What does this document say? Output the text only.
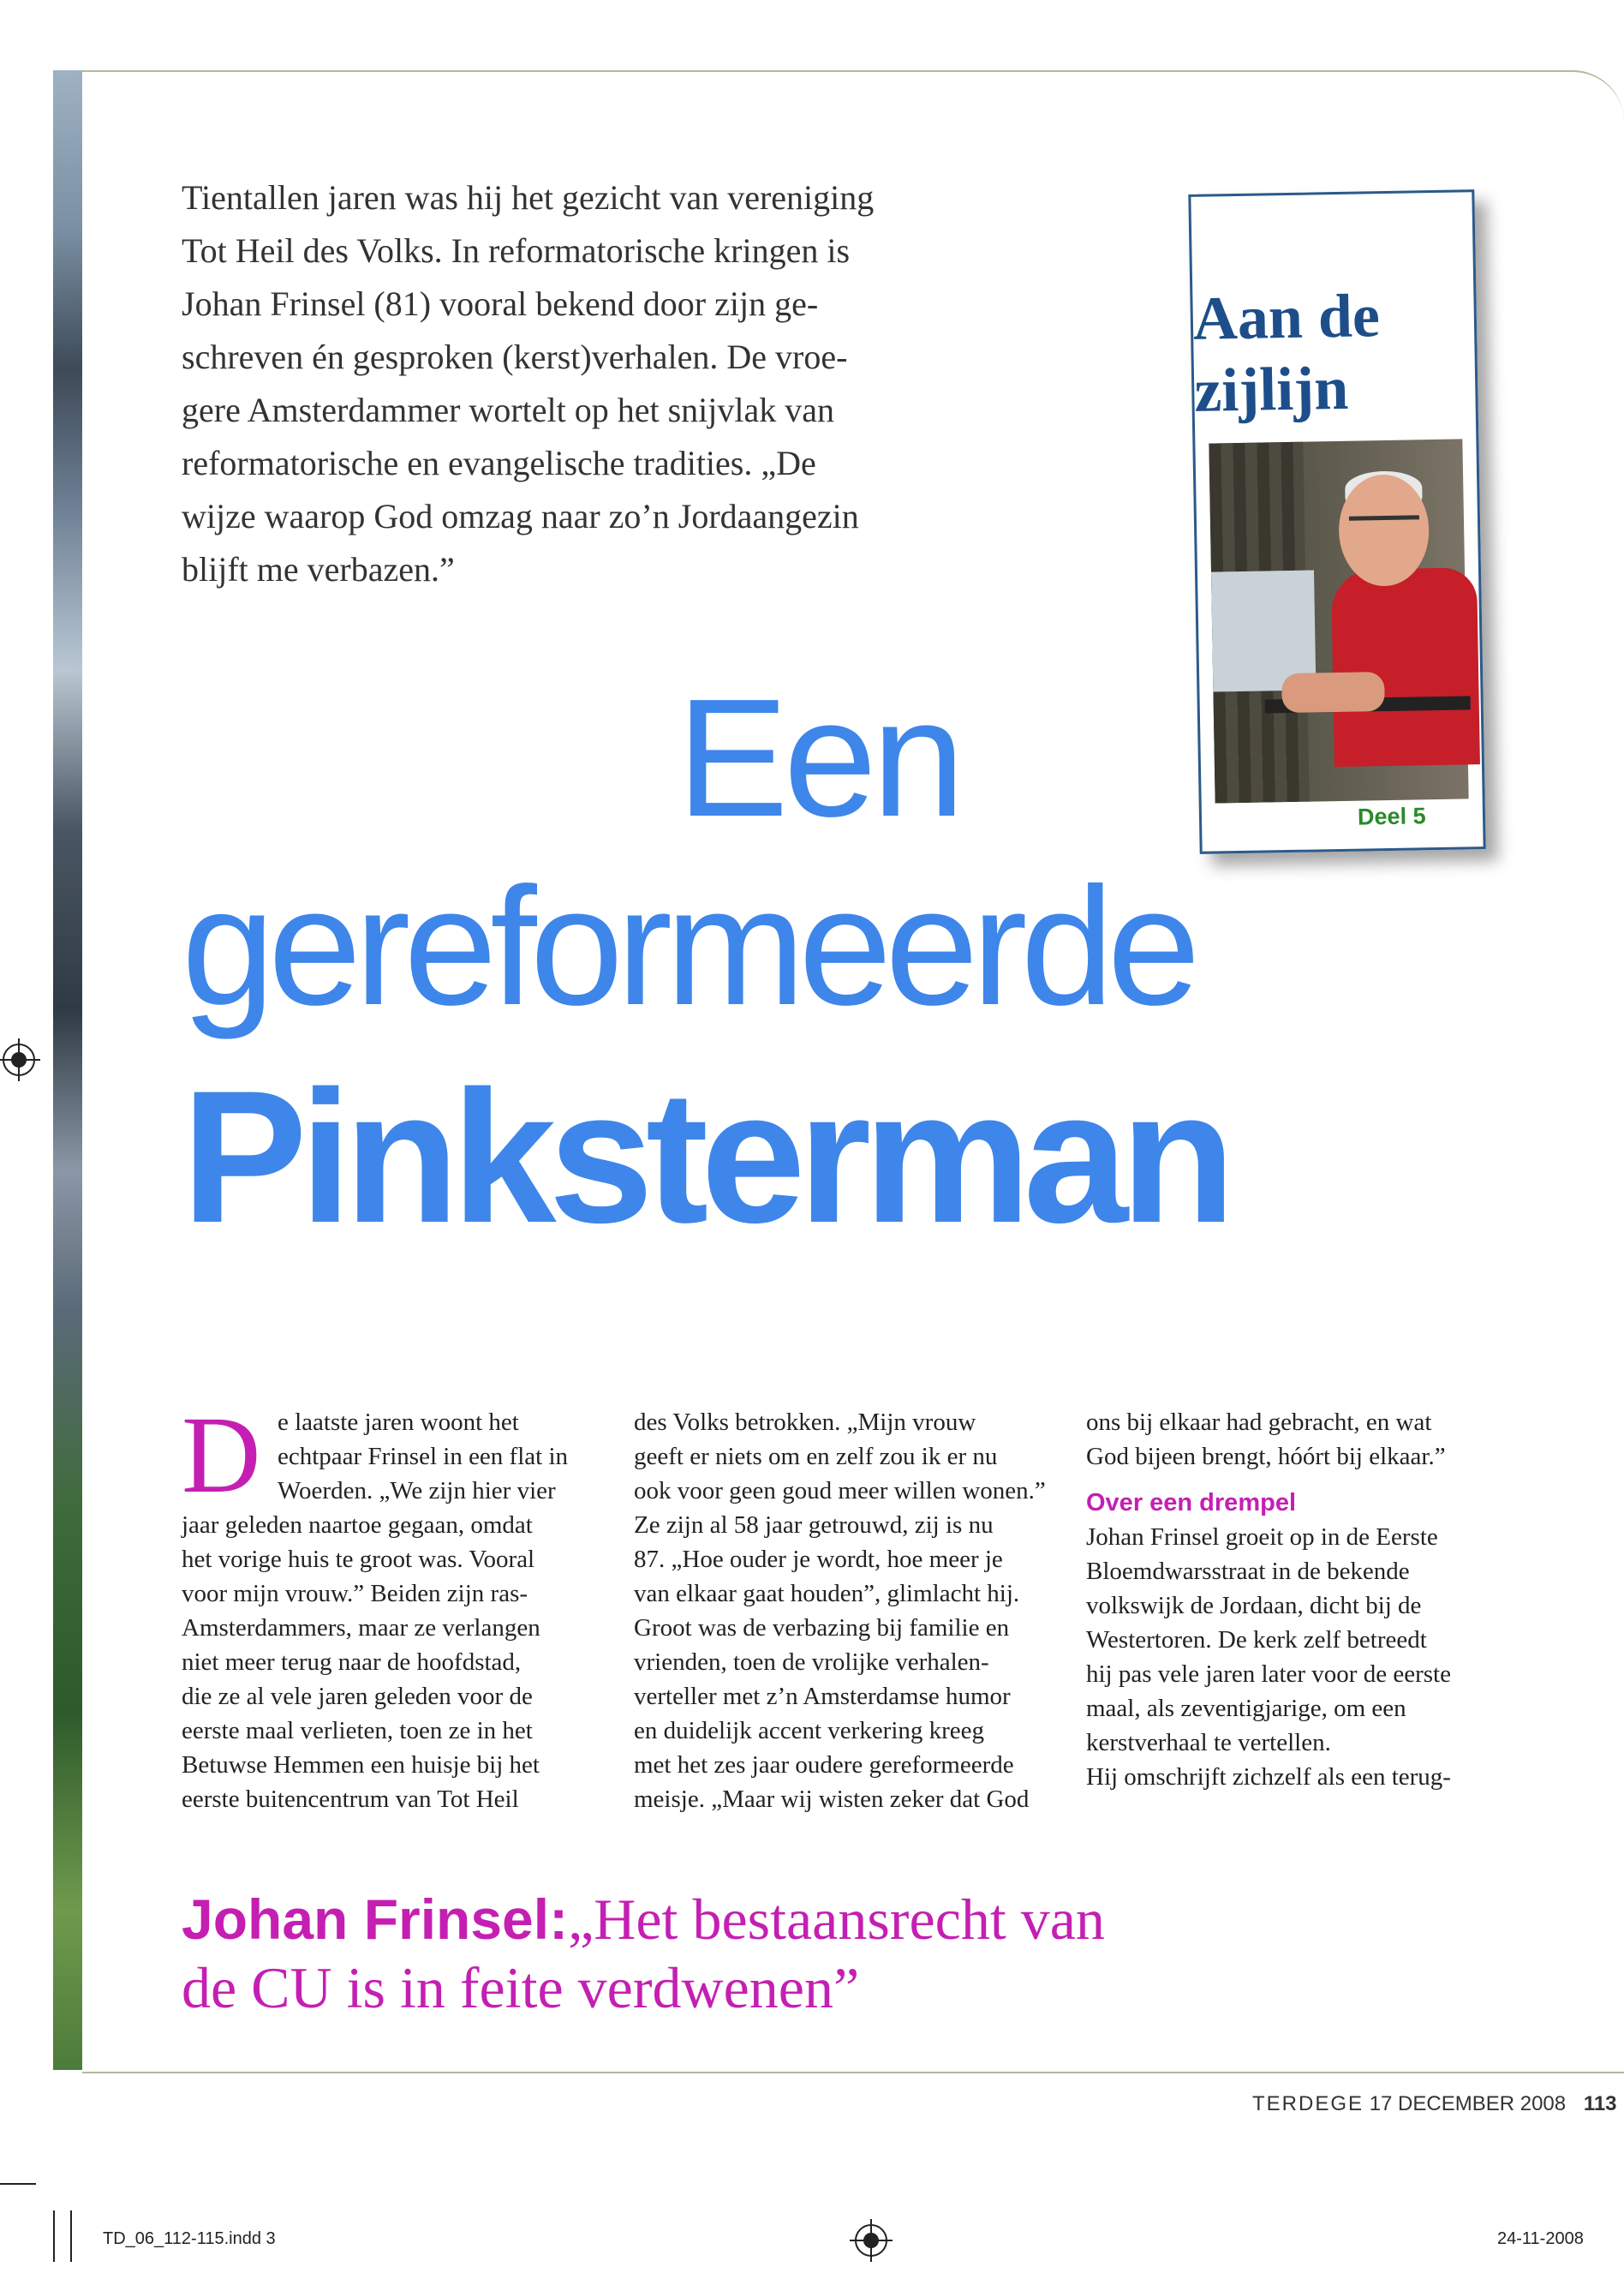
Tientallen jaren was hij het gezicht van vereniging
Tot Heil des Volks. In reformatorische kringen is
Johan Frinsel (81) vooral bekend door zijn ge-
schreven én gesproken (kerst)verhalen. De vroe-
gere Amsterdammer wortelt op het snijvlak van
reformatorische en evangelische tradities. „De
wijze waarop God omzag naar zo’n Jordaangezin
blijft me verbazen.”

Aan de
zijlijn

Deel 5

Een
gereformeerde
Pinksterman
D e laatste jaren woont het
echtpaar Frinsel in een flat in
Woerden. „We zijn hier vier
jaar geleden naartoe gegaan, omdat
het vorige huis te groot was. Vooral
voor mijn vrouw.” Beiden zijn ras-
Amsterdammers, maar ze verlangen
niet meer terug naar de hoofdstad,
die ze al vele jaren geleden voor de
eerste maal verlieten, toen ze in het
Betuwse Hemmen een huisje bij het
eerste buitencentrum van Tot Heil
des Volks betrokken. „Mijn vrouw
geeft er niets om en zelf zou ik er nu
ook voor geen goud meer willen wonen.”
Ze zijn al 58 jaar getrouwd, zij is nu
87. „Hoe ouder je wordt, hoe meer je
van elkaar gaat houden”, glimlacht hij.
Groot was de verbazing bij familie en
vrienden, toen de vrolijke verhalen-
verteller met z’n Amsterdamse humor
en duidelijk accent verkering kreeg
met het zes jaar oudere gereformeerde
meisje. „Maar wij wisten zeker dat God
ons bij elkaar had gebracht, en wat
God bijeen brengt, hóórt bij elkaar.”
Over een drempel
Johan Frinsel groeit op in de Eerste
Bloemdwarsstraat in de bekende
volkswijk de Jordaan, dicht bij de
Westertoren. De kerk zelf betreedt
hij pas vele jaren later voor de eerste
maal, als zeventigjarige, om een
kerstverhaal te vertellen.
Hij omschrijft zichzelf als een terug-

Johan Frinsel:„Het bestaansrecht van
de CU is in feite verdwenen”

TERDEGE 17 DECEMBER 2008 113

TD_06_112-115.indd 3	24-11-2008
